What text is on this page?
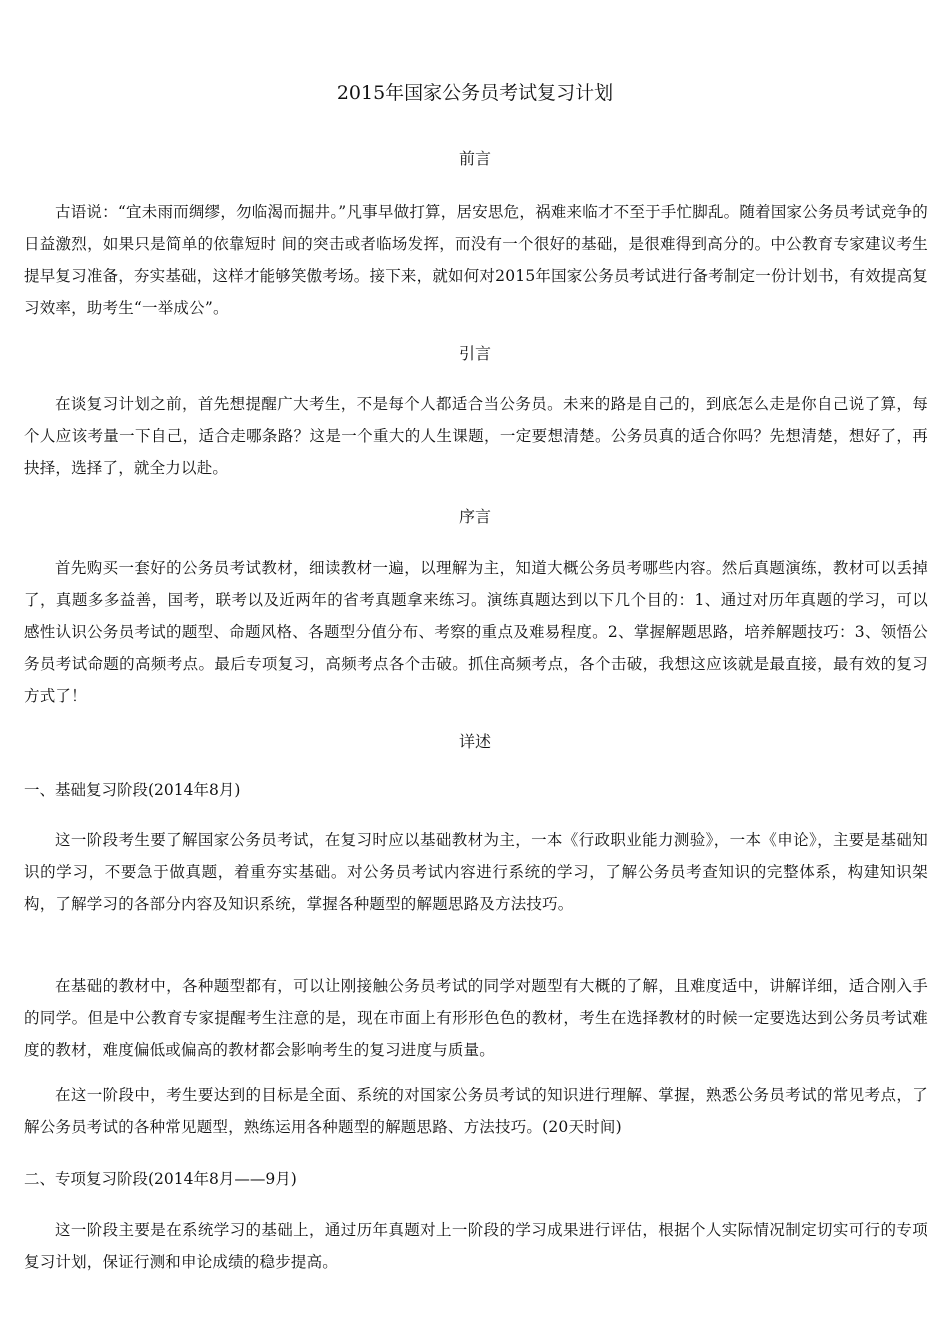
2015年国家公务员考试复习计划
前言

古语说：“宜未雨而绸缪，勿临渴而掘井。”凡事早做打算，居安思危，祸难来临才不至于手忙脚乱。随着国家公务员考试竞争的日益激烈，如果只是简单的依靠短时 间的突击或者临场发挥，而没有一个很好的基础，是很难得到高分的。中公教育专家建议考生提早复习准备，夯实基础，这样才能够笑傲考场。接下来，就如何对2015年国家公务员考试进行备考制定一份计划书，有效提高复习效率，助考生“一举成公”。

引言

在谈复习计划之前，首先想提醒广大考生，不是每个人都适合当公务员。未来的路是自己的，到底怎么走是你自己说了算，每个人应该考量一下自己，适合走哪条路？这是一个重大的人生课题，一定要想清楚。公务员真的适合你吗？先想清楚，想好了，再抉择，选择了，就全力以赴。

序言

首先购买一套好的公务员考试教材，细读教材一遍，以理解为主，知道大概公务员考哪些内容。然后真题演练，教材可以丢掉了，真题多多益善，国考，联考以及近两年的省考真题拿来练习。演练真题达到以下几个目的：1、通过对历年真题的学习，可以感性认识公务员考试的题型、命题风格、各题型分值分布、考察的重点及难易程度。2、掌握解题思路，培养解题技巧：3、领悟公务员考试命题的高频考点。最后专项复习，高频考点各个击破。抓住高频考点，各个击破，我想这应该就是最直接，最有效的复习方式了！

详述
一、基础复习阶段(2014年8月)

这一阶段考生要了解国家公务员考试，在复习时应以基础教材为主，一本《行政职业能力测验》，一本《申论》，主要是基础知识的学习，不要急于做真题，着重夯实基础。对公务员考试内容进行系统的学习，了解公务员考查知识的完整体系，构建知识架构，了解学习的各部分内容及知识系统，掌握各种题型的解题思路及方法技巧。

在基础的教材中，各种题型都有，可以让刚接触公务员考试的同学对题型有大概的了解，且难度适中，讲解详细，适合刚入手的同学。但是中公教育专家提醒考生注意的是，现在市面上有形形色色的教材，考生在选择教材的时候一定要选达到公务员考试难度的教材，难度偏低或偏高的教材都会影响考生的复习进度与质量。

在这一阶段中，考生要达到的目标是全面、系统的对国家公务员考试的知识进行理解、掌握，熟悉公务员考试的常见考点，了解公务员考试的各种常见题型，熟练运用各种题型的解题思路、方法技巧。(20天时间)

二、专项复习阶段(2014年8月——9月)

这一阶段主要是在系统学习的基础上，通过历年真题对上一阶段的学习成果进行评估，根据个人实际情况制定切实可行的专项复习计划，保证行测和申论成绩的稳步提高。
